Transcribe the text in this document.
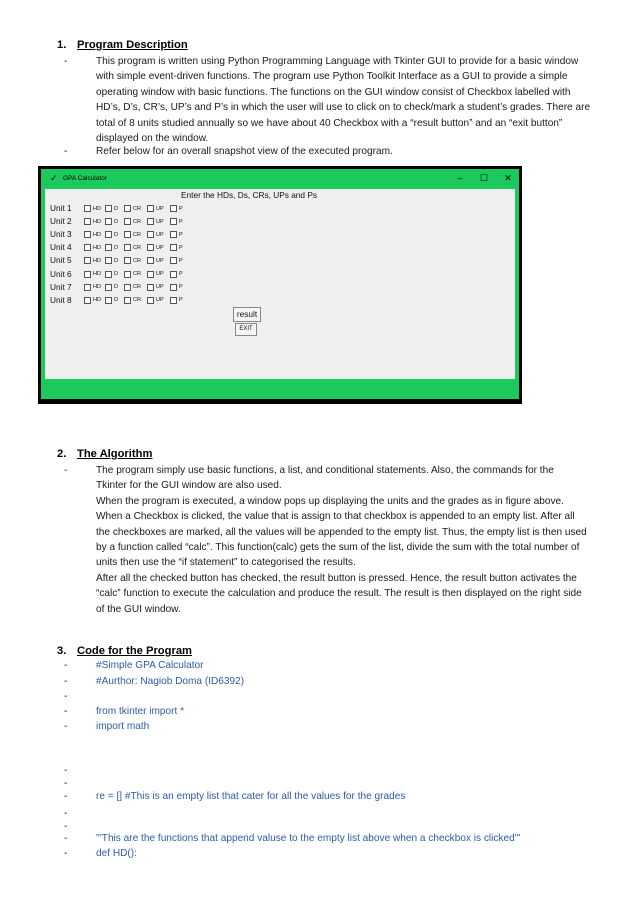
1. Program Description
-	This program is written using Python Programming Language with Tkinter GUI to provide for a basic window
with simple event-driven functions. The program use Python Toolkit Interface as a GUI to provide a simple
operating window with basic functions. The functions on the GUI window consist of Checkbox labelled with
HD’s, D’s, CR’s, UP’s and P’s in which the user will use to click on to check/mark a student’s grades. There are
total of 8 units studied annually so we have about 40 Checkbox with a “result button” and an “exit button”
displayed on the window.
-	Refer below for an overall snapshot view of the executed program.
✓ GPA Calculator	–	☐	✕
Enter the HDs, Ds, CRs, UPs and Ps
result
EXIT
Unit 1	HD D	CR	UP	P
Unit 2	HD D	CR	UP	P
Unit 3	HD D	CR	UP	P
Unit 4	HD D	CR	UP	P
Unit 5	HD D	CR	UP	P
Unit 6	HD D	CR	UP	P
Unit 7	HD D	CR	UP	P
Unit 8	HD D	CR	UP	P
2. The Algorithm
-	The program simply use basic functions, a list, and conditional statements. Also, the commands for the
Tkinter for the GUI window are also used.
When the program is executed, a window pops up displaying the units and the grades as in figure above.
When a Checkbox is clicked, the value that is assign to that checkbox is appended to an empty list. After all
the checkboxes are marked, all the values will be appended to the empty list. Thus, the empty list is then used
by a function called “calc”. This function(calc) gets the sum of the list, divide the sum with the total number of
units then use the “if statement” to categorised the results.
After all the checked button has checked, the result button is pressed. Hence, the result button activates the
“calc” function to execute the calculation and produce the result. The result is then displayed on the right side
of the GUI window.
3. Code for the Program
-	#Simple GPA Calculator
-	#Aurthor: Nagiob Doma (ID6392)
-
-	from tkinter import *
-	import math
-
-
-	re = [] #This is an empty list that cater for all the values for the grades
-
-
-	'''This are the functions that append valuse to the empty list above when a checkbox is clicked'''
-	def HD():
